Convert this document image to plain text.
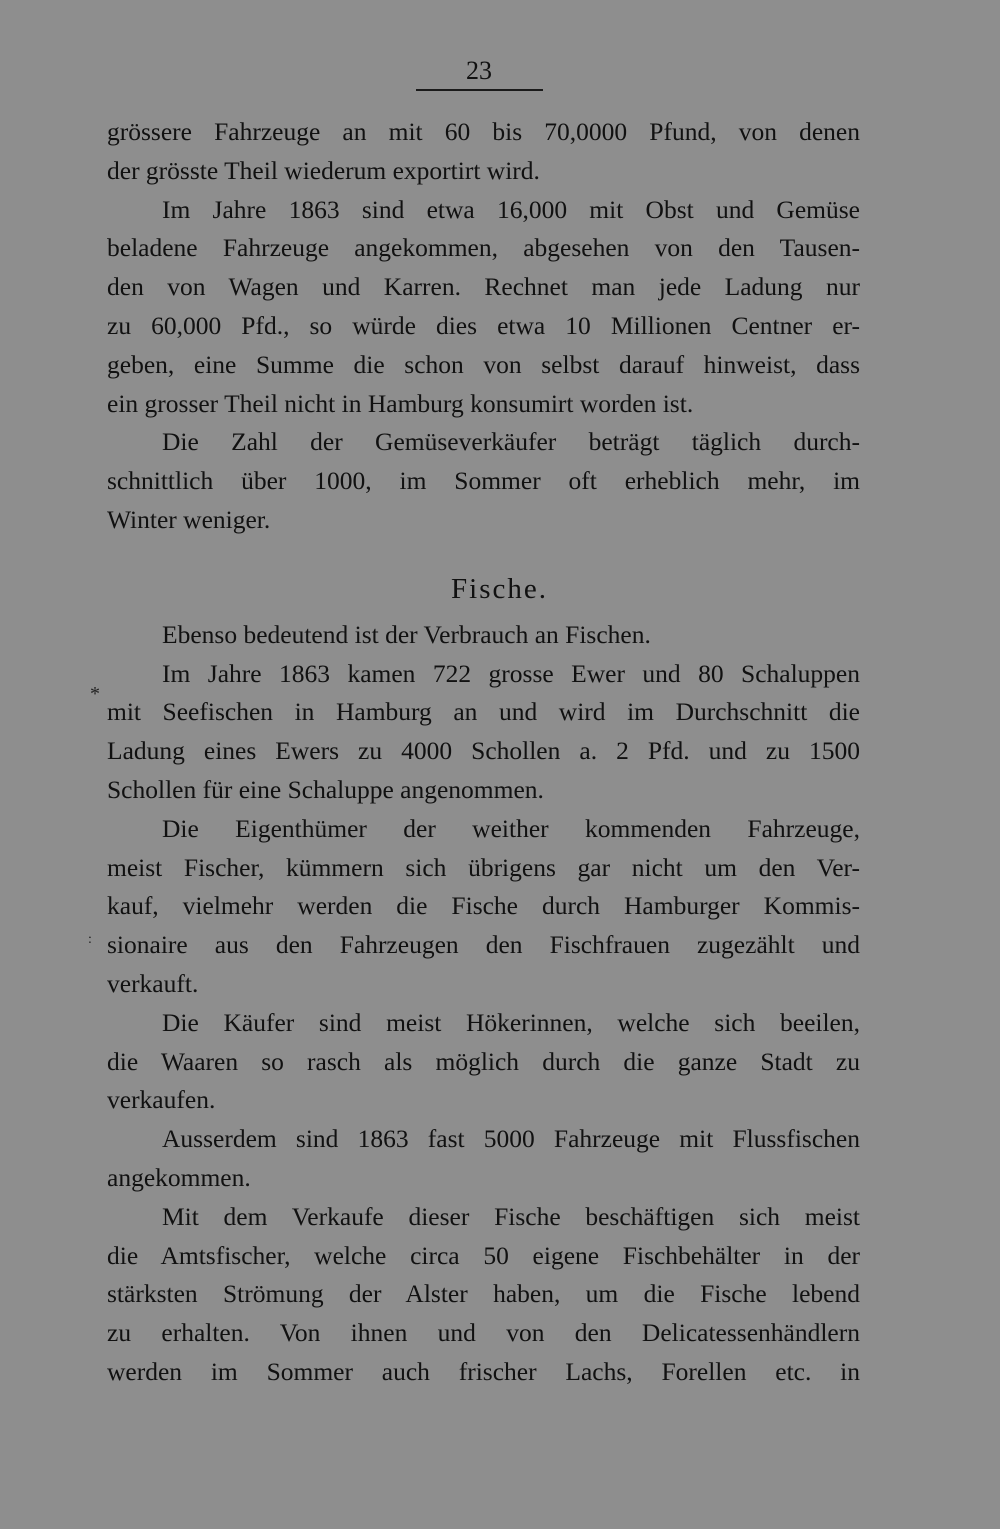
23
*
:
grössere Fahrzeuge an mit 60 bis 70,0000 Pfund, von denen
der grösste Theil wiederum exportirt wird.
Im Jahre 1863 sind etwa 16,000 mit Obst und Gemüse
beladene Fahrzeuge angekommen, abgesehen von den Tausen-
den von Wagen und Karren. Rechnet man jede Ladung nur
zu 60,000 Pfd., so würde dies etwa 10 Millionen Centner er-
geben, eine Summe die schon von selbst darauf hinweist, dass
ein grosser Theil nicht in Hamburg konsumirt worden ist.
Die Zahl der Gemüseverkäufer beträgt täglich durch-
schnittlich über 1000, im Sommer oft erheblich mehr, im
Winter weniger.
Fische.
Ebenso bedeutend ist der Verbrauch an Fischen.
Im Jahre 1863 kamen 722 grosse Ewer und 80 Schaluppen
mit Seefischen in Hamburg an und wird im Durchschnitt die
Ladung eines Ewers zu 4000 Schollen a. 2 Pfd. und zu 1500
Schollen für eine Schaluppe angenommen.
Die Eigenthümer der weither kommenden Fahrzeuge,
meist Fischer, kümmern sich übrigens gar nicht um den Ver-
kauf, vielmehr werden die Fische durch Hamburger Kommis-
sionaire aus den Fahrzeugen den Fischfrauen zugezählt und
verkauft.
Die Käufer sind meist Hökerinnen, welche sich beeilen,
die Waaren so rasch als möglich durch die ganze Stadt zu
verkaufen.
Ausserdem sind 1863 fast 5000 Fahrzeuge mit Flussfischen
angekommen.
Mit dem Verkaufe dieser Fische beschäftigen sich meist
die Amtsfischer, welche circa 50 eigene Fischbehälter in der
stärksten Strömung der Alster haben, um die Fische lebend
zu erhalten. Von ihnen und von den Delicatessenhändlern
werden im Sommer auch frischer Lachs, Forellen etc. in
